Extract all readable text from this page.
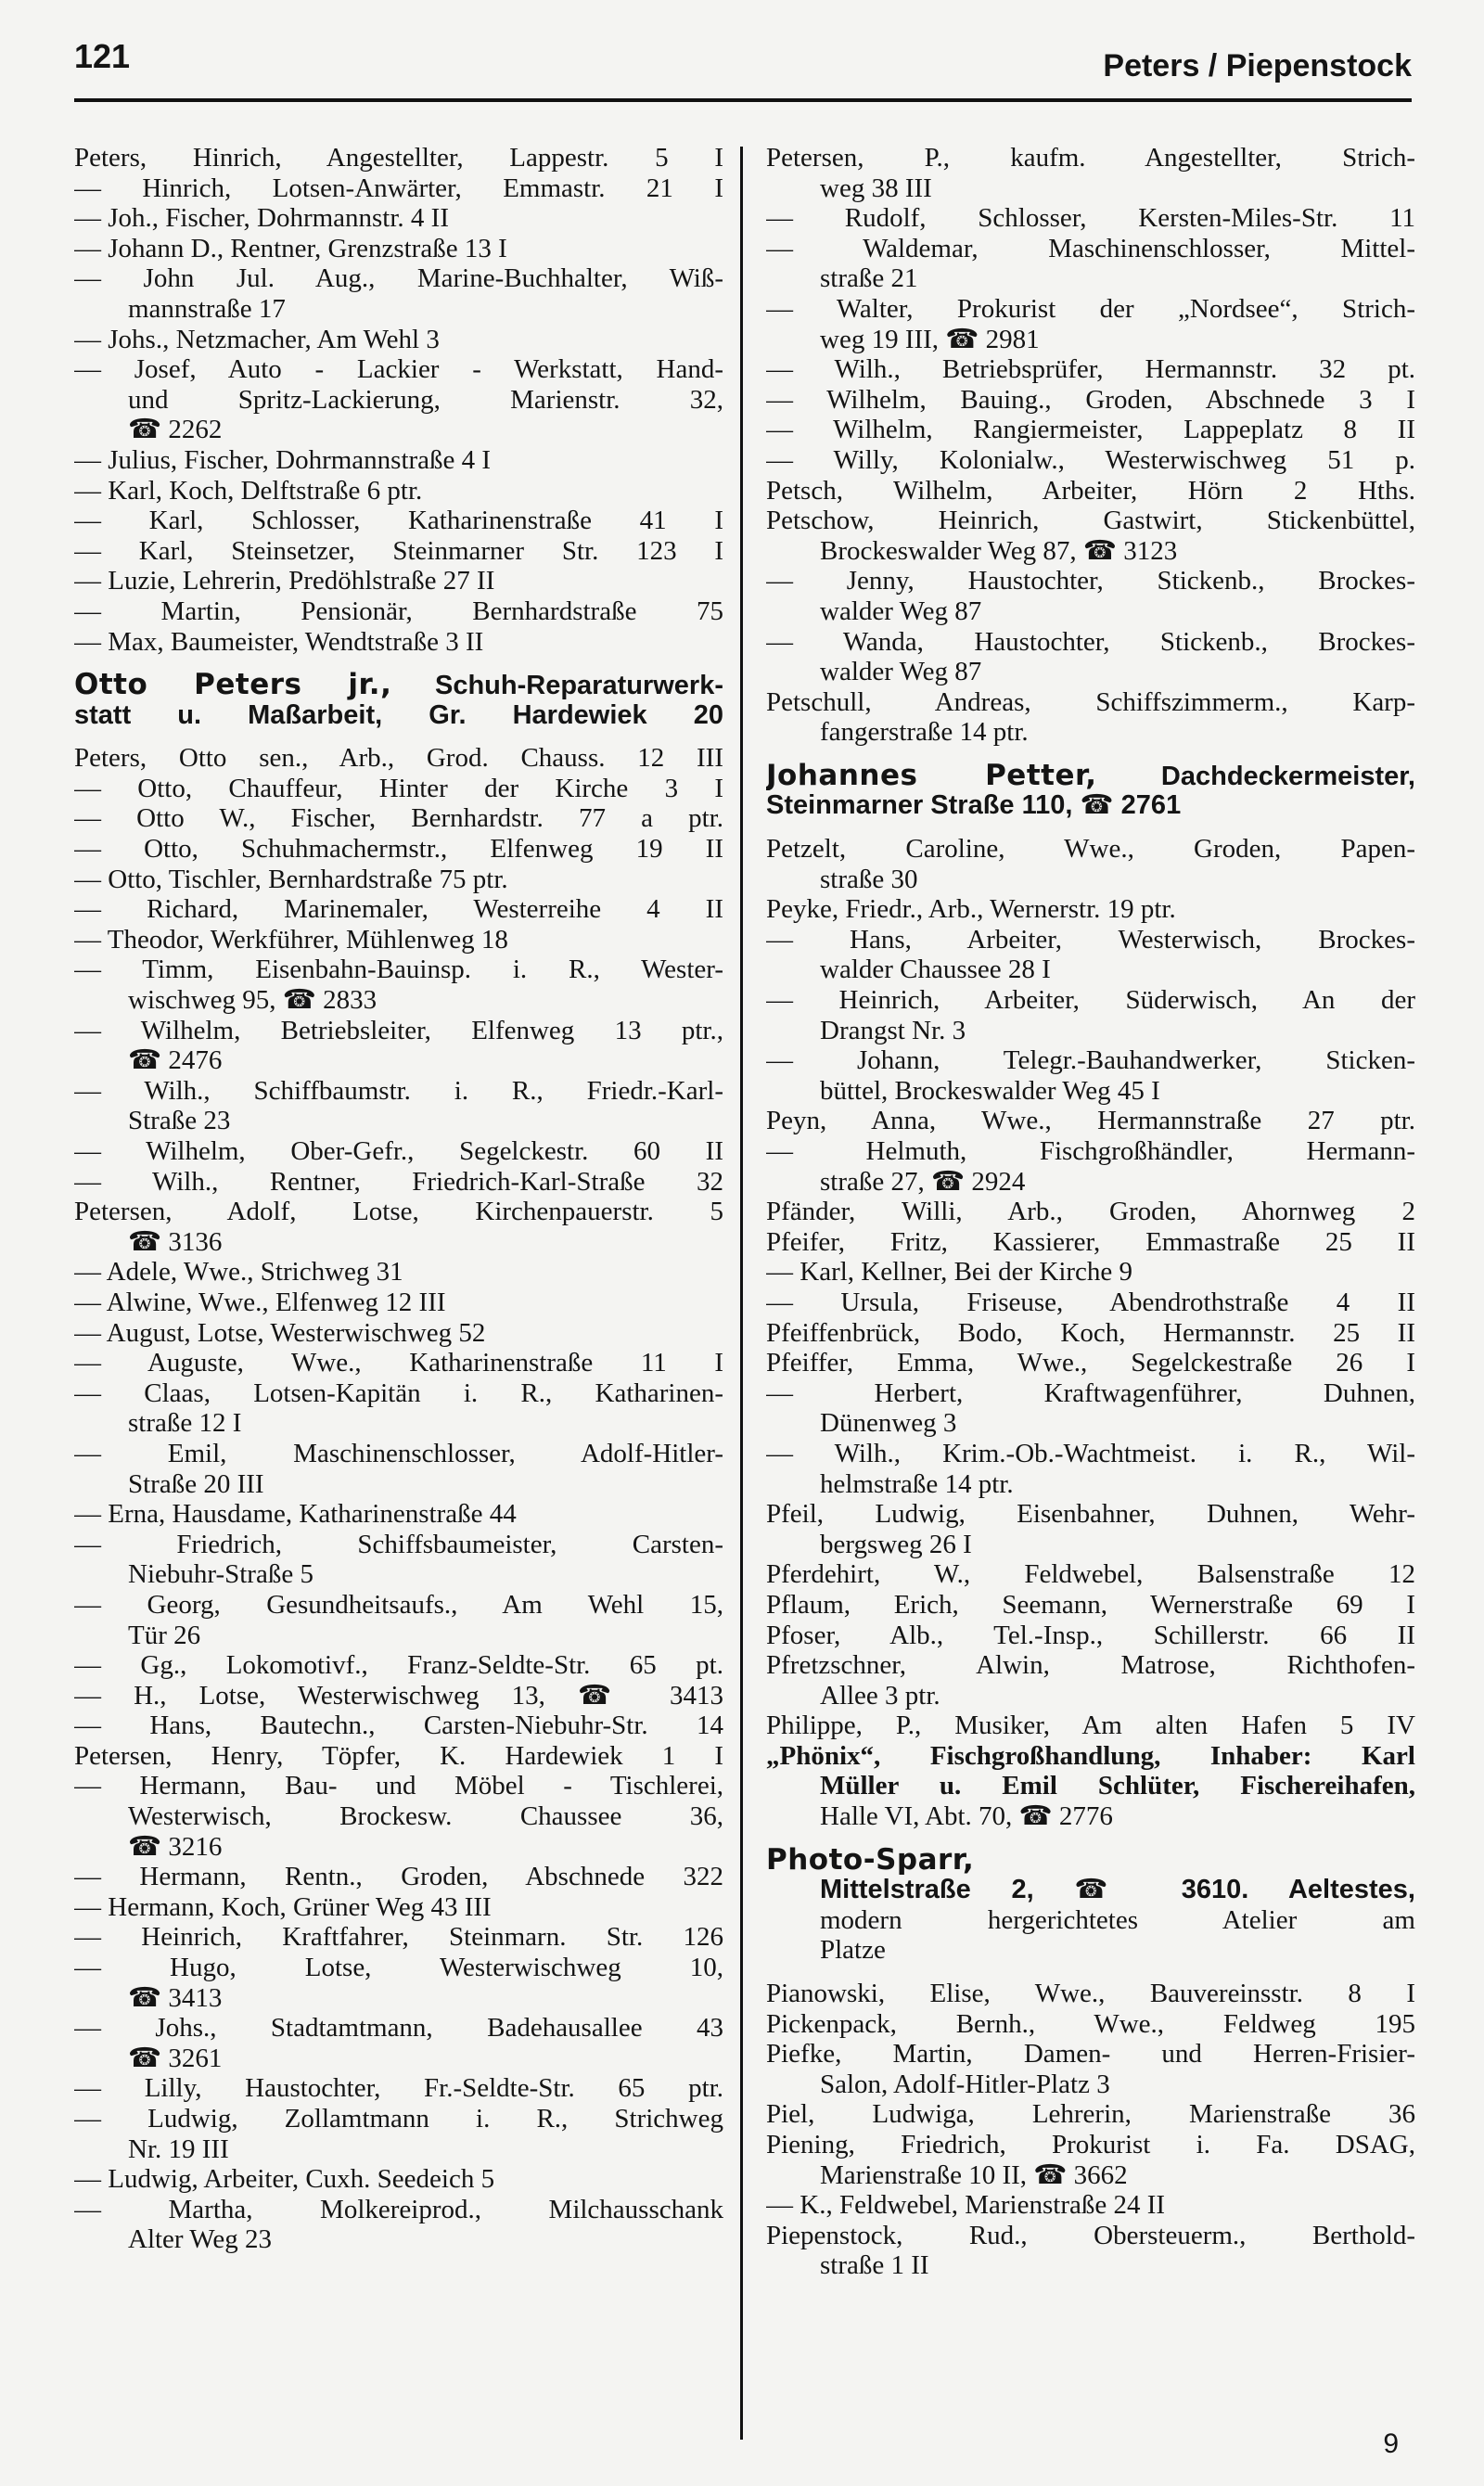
121	Peters / Piepenstock
Peters, Hinrich, Angestellter, Lappestr. 5 I
— Hinrich, Lotsen-Anwärter, Emmastr. 21 I
— Joh., Fischer, Dohrmannstr. 4 II
— Johann D., Rentner, Grenzstraße 13 I
— John Jul. Aug., Marine-Buchhalter, Wiß-
mannstraße 17
— Johs., Netzmacher, Am Wehl 3
— Josef, Auto - Lackier - Werkstatt, Hand-
und Spritz-Lackierung, Marienstr. 32,
☎ 2262
— Julius, Fischer, Dohrmannstraße 4 I
— Karl, Koch, Delftstraße 6 ptr.
— Karl, Schlosser, Katharinenstraße 41 I
— Karl, Steinsetzer, Steinmarner Str. 123 I
— Luzie, Lehrerin, Predöhlstraße 27 II
— Martin, Pensionär, Bernhardstraße 75
— Max, Baumeister, Wendtstraße 3 II
Otto Peters jr., Schuh-Reparaturwerk-
statt u. Maßarbeit, Gr. Hardewiek 20
Peters, Otto sen., Arb., Grod. Chauss. 12 III
— Otto, Chauffeur, Hinter der Kirche 3 I
— Otto W., Fischer, Bernhardstr. 77 a ptr.
— Otto, Schuhmachermstr., Elfenweg 19 II
— Otto, Tischler, Bernhardstraße 75 ptr.
— Richard, Marinemaler, Westerreihe 4 II
— Theodor, Werkführer, Mühlenweg 18
— Timm, Eisenbahn-Bauinsp. i. R., Wester-
wischweg 95, ☎ 2833
— Wilhelm, Betriebsleiter, Elfenweg 13 ptr.,
☎ 2476
— Wilh., Schiffbaumstr. i. R., Friedr.-Karl-
Straße 23
— Wilhelm, Ober-Gefr., Segelckestr. 60 II
— Wilh., Rentner, Friedrich-Karl-Straße 32
Petersen, Adolf, Lotse, Kirchenpauerstr. 5
☎ 3136
— Adele, Wwe., Strichweg 31
— Alwine, Wwe., Elfenweg 12 III
— August, Lotse, Westerwischweg 52
— Auguste, Wwe., Katharinenstraße 11 I
— Claas, Lotsen-Kapitän i. R., Katharinen-
straße 12 I
— Emil, Maschinenschlosser, Adolf-Hitler-
Straße 20 III
— Erna, Hausdame, Katharinenstraße 44
— Friedrich, Schiffsbaumeister, Carsten-
Niebuhr-Straße 5
— Georg, Gesundheitsaufs., Am Wehl 15,
Tür 26
— Gg., Lokomotivf., Franz-Seldte-Str. 65 pt.
— H., Lotse, Westerwischweg 13, ☎ 3413
— Hans, Bautechn., Carsten-Niebuhr-Str. 14
Petersen, Henry, Töpfer, K. Hardewiek 1 I
— Hermann, Bau- und Möbel - Tischlerei,
Westerwisch, Brockesw. Chaussee 36,
☎ 3216
— Hermann, Rentn., Groden, Abschnede 322
— Hermann, Koch, Grüner Weg 43 III
— Heinrich, Kraftfahrer, Steinmarn. Str. 126
— Hugo, Lotse, Westerwischweg 10,
☎ 3413
— Johs., Stadtamtmann, Badehausallee 43
☎ 3261
— Lilly, Haustochter, Fr.-Seldte-Str. 65 ptr.
— Ludwig, Zollamtmann i. R., Strichweg
Nr. 19 III
— Ludwig, Arbeiter, Cuxh. Seedeich 5
— Martha, Molkereiprod., Milchausschank
Alter Weg 23
Petersen, P., kaufm. Angestellter, Strich-
weg 38 III
— Rudolf, Schlosser, Kersten-Miles-Str. 11
— Waldemar, Maschinenschlosser, Mittel-
straße 21
— Walter, Prokurist der „Nordsee“, Strich-
weg 19 III, ☎ 2981
— Wilh., Betriebsprüfer, Hermannstr. 32 pt.
— Wilhelm, Bauing., Groden, Abschnede 3 I
— Wilhelm, Rangiermeister, Lappeplatz 8 II
— Willy, Kolonialw., Westerwischweg 51 p.
Petsch, Wilhelm, Arbeiter, Hörn 2 Hths.
Petschow, Heinrich, Gastwirt, Stickenbüttel,
Brockeswalder Weg 87, ☎ 3123
— Jenny, Haustochter, Stickenb., Brockes-
walder Weg 87
— Wanda, Haustochter, Stickenb., Brockes-
walder Weg 87
Petschull, Andreas, Schiffszimmerm., Karp-
fangerstraße 14 ptr.
Johannes Petter, Dachdeckermeister,
Steinmarner Straße 110, ☎ 2761
Petzelt, Caroline, Wwe., Groden, Papen-
straße 30
Peyke, Friedr., Arb., Wernerstr. 19 ptr.
— Hans, Arbeiter, Westerwisch, Brockes-
walder Chaussee 28 I
— Heinrich, Arbeiter, Süderwisch, An der
Drangst Nr. 3
— Johann, Telegr.-Bauhandwerker, Sticken-
büttel, Brockeswalder Weg 45 I
Peyn, Anna, Wwe., Hermannstraße 27 ptr.
— Helmuth, Fischgroßhändler, Hermann-
straße 27, ☎ 2924
Pfänder, Willi, Arb., Groden, Ahornweg 2
Pfeifer, Fritz, Kassierer, Emmastraße 25 II
— Karl, Kellner, Bei der Kirche 9
— Ursula, Friseuse, Abendrothstraße 4 II
Pfeiffenbrück, Bodo, Koch, Hermannstr. 25 II
Pfeiffer, Emma, Wwe., Segelckestraße 26 I
— Herbert, Kraftwagenführer, Duhnen,
Dünenweg 3
— Wilh., Krim.-Ob.-Wachtmeist. i. R., Wil-
helmstraße 14 ptr.
Pfeil, Ludwig, Eisenbahner, Duhnen, Wehr-
bergsweg 26 I
Pferdehirt, W., Feldwebel, Balsenstraße 12
Pflaum, Erich, Seemann, Wernerstraße 69 I
Pfoser, Alb., Tel.-Insp., Schillerstr. 66 II
Pfretzschner, Alwin, Matrose, Richthofen-
Allee 3 ptr.
Philippe, P., Musiker, Am alten Hafen 5 IV
„Phönix“, Fischgroßhandlung, Inhaber: Karl
Müller u. Emil Schlüter, Fischereihafen,
Halle VI, Abt. 70, ☎ 2776
Photo-Sparr,
Mittelstraße 2, ☎ 3610. Aeltestes,
modern hergerichtetes Atelier am
Platze
Pianowski, Elise, Wwe., Bauvereinsstr. 8 I
Pickenpack, Bernh., Wwe., Feldweg 195
Piefke, Martin, Damen- und Herren-Frisier-
Salon, Adolf-Hitler-Platz 3
Piel, Ludwiga, Lehrerin, Marienstraße 36
Piening, Friedrich, Prokurist i. Fa. DSAG,
Marienstraße 10 II, ☎ 3662
— K., Feldwebel, Marienstraße 24 II
Piepenstock, Rud., Obersteuerm., Berthold-
straße 1 II
9
